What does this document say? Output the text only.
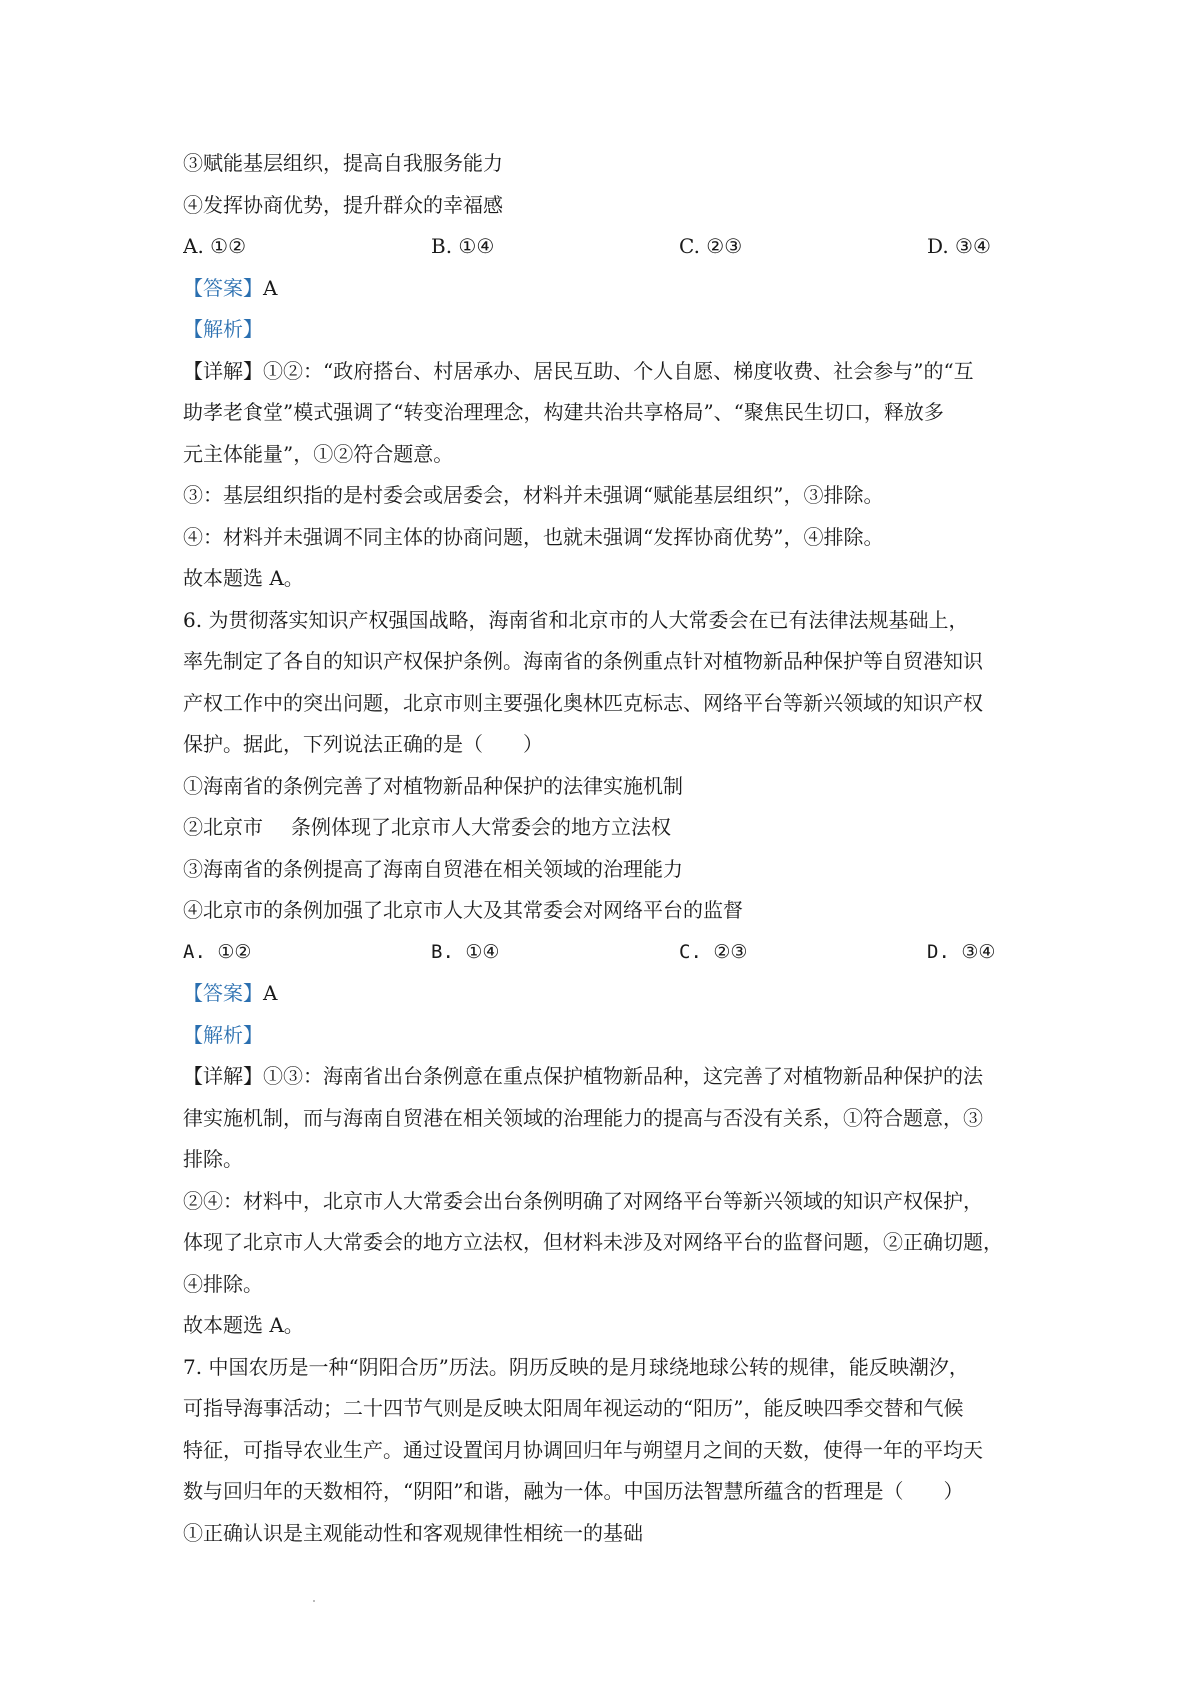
③赋能基层组织，提高自我服务能力
④发挥协商优势，提升群众的幸福感
A. ①②	B. ①④	C. ②③	D. ③④
【答案】A
【解析】
【详解】①②：“政府搭台、村居承办、居民互助、个人自愿、梯度收费、社会参与”的“互
助孝老食堂”模式强调了“转变治理理念，构建共治共享格局”、“聚焦民生切口，释放多
元主体能量”，①②符合题意。
③：基层组织指的是村委会或居委会，材料并未强调“赋能基层组织”，③排除。
④：材料并未强调不同主体的协商问题，也就未强调“发挥协商优势”，④排除。
故本题选 A。
6. 为贯彻落实知识产权强国战略，海南省和北京市的人大常委会在已有法律法规基础上，
率先制定了各自的知识产权保护条例。海南省的条例重点针对植物新品种保护等自贸港知识
产权工作中的突出问题，北京市则主要强化奥林匹克标志、网络平台等新兴领域的知识产权
保护。据此，下列说法正确的是（ ）
①海南省的条例完善了对植物新品种保护的法律实施机制
②北京市 条例体现了北京市人大常委会的地方立法权
③海南省的条例提高了海南自贸港在相关领域的治理能力
④北京市的条例加强了北京市人大及其常委会对网络平台的监督
A. ①②	B. ①④	C. ②③	D. ③④
【答案】A
【解析】
【详解】①③：海南省出台条例意在重点保护植物新品种，这完善了对植物新品种保护的法
律实施机制，而与海南自贸港在相关领域的治理能力的提高与否没有关系，①符合题意，③
排除。
②④：材料中，北京市人大常委会出台条例明确了对网络平台等新兴领域的知识产权保护，
体现了北京市人大常委会的地方立法权，但材料未涉及对网络平台的监督问题，②正确切题，
④排除。
故本题选 A。
7. 中国农历是一种“阴阳合历”历法。阴历反映的是月球绕地球公转的规律，能反映潮汐，
可指导海事活动；二十四节气则是反映太阳周年视运动的“阳历”，能反映四季交替和气候
特征，可指导农业生产。通过设置闰月协调回归年与朔望月之间的天数，使得一年的平均天
数与回归年的天数相符，“阴阳”和谐，融为一体。中国历法智慧所蕴含的哲理是（ ）
①正确认识是主观能动性和客观规律性相统一的基础
